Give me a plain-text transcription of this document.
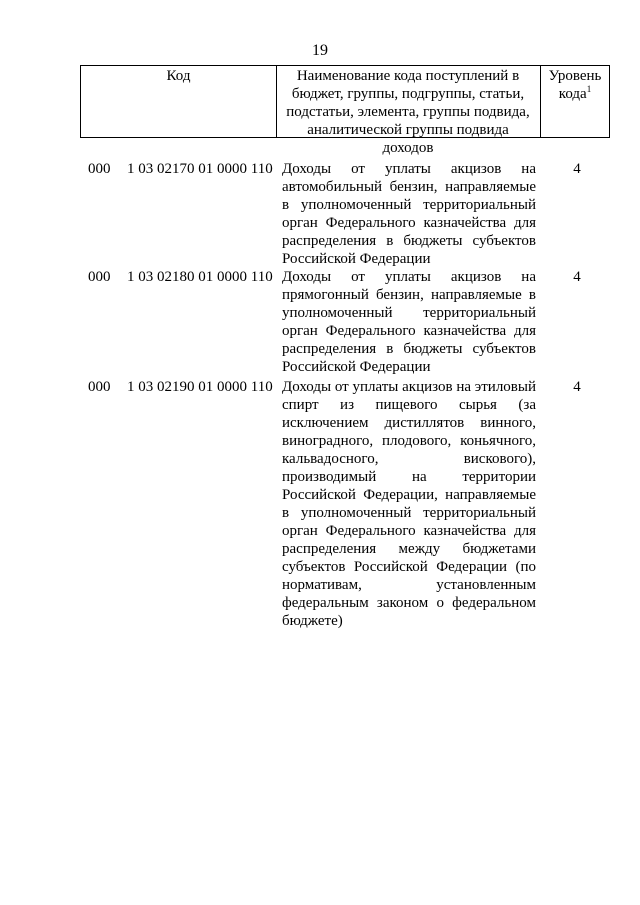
19
Код	Наименование кода поступлений в бюджет, группы, подгруппы, статьи, подстатьи, элемента, группы подвида, аналитической группы подвида доходов
Уровень кода$^1$
000 1 03 02170 01 0000 110 Доходы от уплаты акцизов на автомобильный бензин, направляемые в уполномоченный территориальный орган Федерального казначейства для распределения в бюджеты субъектов Российской Федерации
4
000 1 03 02180 01 0000 110 Доходы от уплаты акцизов на прямогонный бензин, направляемые в уполномоченный территориальный орган Федерального казначейства для распределения в бюджеты субъектов Российской Федерации
4
000 1 03 02190 01 0000 110 Доходы от уплаты акцизов на этиловый спирт из пищевого сырья (за исключением дистиллятов винного, виноградного, плодового, коньячного, кальвадосного, вискового), производимый на территории Российской Федерации, направляемые в уполномоченный территориальный орган Федерального казначейства для распределения между бюджетами субъектов Российской Федерации (по нормативам, установленным федеральным законом о федеральном бюджете)
4
